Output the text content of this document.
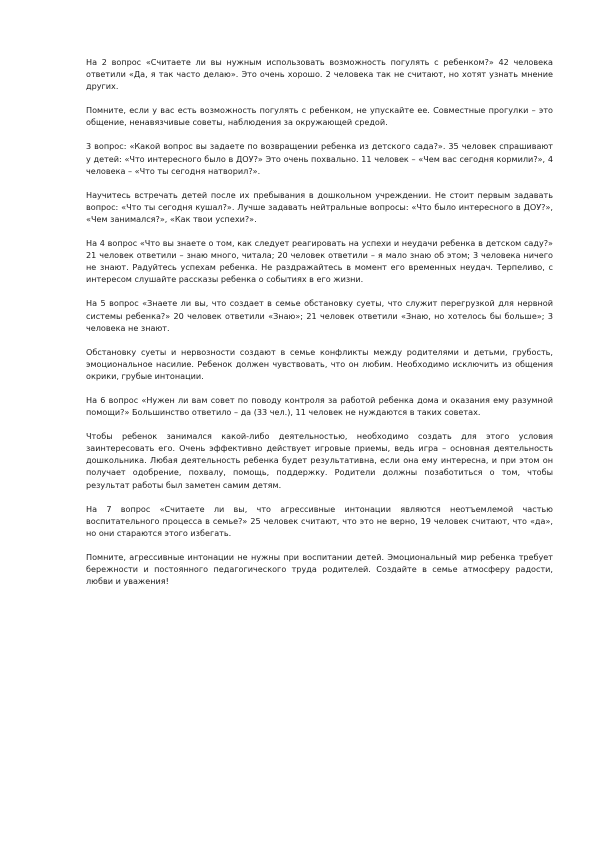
На 2 вопрос «Считаете ли вы нужным использовать возможность погулять с ребенком?» 42 человека ответили «Да, я так часто делаю». Это очень хорошо. 2 человека так не считают, но хотят узнать мнение других.

Помните, если у вас есть возможность погулять с ребенком, не упускайте ее. Совместные прогулки – это общение, ненавязчивые советы, наблюдения за окружающей средой.

3 вопрос: «Какой вопрос вы задаете по возвращении ребенка из детского сада?». 35 человек спрашивают у детей: «Что интересного было в ДОУ?» Это очень похвально. 11 человек – «Чем вас сегодня кормили?», 4 человека – «Что ты сегодня натворил?».

Научитесь встречать детей после их пребывания в дошкольном учреждении. Не стоит первым задавать вопрос: «Что ты сегодня кушал?». Лучше задавать нейтральные вопросы: «Что было интересного в ДОУ?», «Чем занимался?», «Как твои успехи?».

На 4 вопрос «Что вы знаете о том, как следует реагировать на успехи и неудачи ребенка в детском саду?» 21 человек ответили – знаю много, читала; 20 человек ответили – я мало знаю об этом; 3 человека ничего не знают. Радуйтесь успехам ребенка. Не раздражайтесь в момент его временных неудач. Терпеливо, с интересом слушайте рассказы ребенка о событиях в его жизни.

На 5 вопрос «Знаете ли вы, что создает в семье обстановку суеты, что служит перегрузкой для нервной системы ребенка?» 20 человек ответили «Знаю»; 21 человек ответили «Знаю, но хотелось бы больше»; 3 человека не знают.

Обстановку суеты и нервозности создают в семье конфликты между родителями и детьми, грубость, эмоциональное насилие. Ребенок должен чувствовать, что он любим. Необходимо исключить из общения окрики, грубые интонации.

На 6 вопрос «Нужен ли вам совет по поводу контроля за работой ребенка дома и оказания ему разумной помощи?» Большинство ответило – да (33 чел.), 11 человек не нуждаются в таких советах.

Чтобы ребенок занимался какой-либо деятельностью, необходимо создать для этого условия заинтересовать его. Очень эффективно действует игровые приемы, ведь игра – основная деятельность дошкольника. Любая деятельность ребенка будет результативна, если она ему интересна, и при этом он получает одобрение, похвалу, помощь, поддержку. Родители должны позаботиться о том, чтобы результат работы был заметен самим детям.

На 7 вопрос «Считаете ли вы, что агрессивные интонации являются неотъемлемой частью воспитательного процесса в семье?» 25 человек считают, что это не верно, 19 человек считают, что «да», но они стараются этого избегать.

Помните, агрессивные интонации не нужны при воспитании детей. Эмоциональный мир ребенка требует бережности и постоянного педагогического труда родителей. Создайте в семье атмосферу радости, любви и уважения!
